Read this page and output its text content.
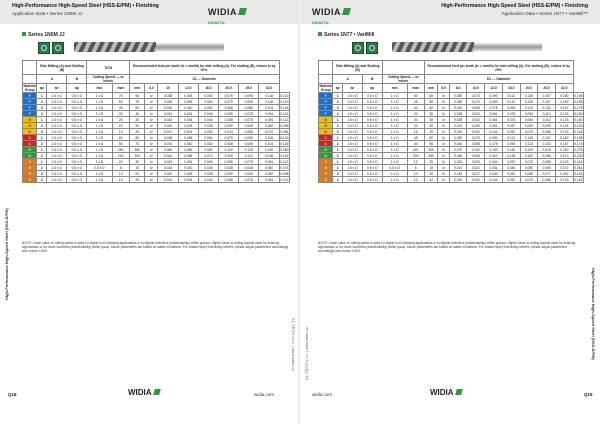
High-Performance High-Speed Steel (HSS-E/PM) • Finishing
Application Data • Series 1N0M JJ	WIDIA
HANITA
Series 1N0M JJ
	Side Milling (A) and Slotting (B)			TiCN		Recommended feed per tooth (fz = mm/th) for side milling (A). For slotting (B), reduce fz by 20%.								
	A		B	Cutting Speed — vc m/min		D1 — Diameter								
Material Group	ap	ae	ap	min	max	mm	8,0	10	12,0	16,0	20,0	25,0	32,0	
P	1	1,5 x D	0,5 x D	1 x D	75	95	fz	0,038	0,048	0,060	0,075	0,095	0,118	0,140
P	2	1,5 x D	0,5 x D	1 x D	60	75	fz	0,038	0,048	0,060	0,075	0,095	0,118	0,140
P	3	1,5 x D	0,5 x D	1 x D	45	60	fz	0,030	0,040	0,052	0,068	0,085	0,104	0,126
P	4	1,5 x D	0,5 x D	1 x D	30	45	fz	0,024	0,034	0,044	0,058	0,075	0,094	0,112
M	1	1,5 x D	0,5 x D	1 x D	25	35	fz	0,024	0,034	0,044	0,058	0,075	0,094	0,112
M	2	1,5 x D	0,5 x D	1 x D	20	30	fz	0,020	0,028	0,038	0,050	0,065	0,082	0,098
M	3	1,5 x D	0,5 x D	1 x D	15	25	fz	0,017	0,024	0,032	0,044	0,056	0,070	0,084
K	1	1,5 x D	0,5 x D	1 x D	60	80	fz	0,038	0,048	0,060	0,075	0,095	0,118	0,140
K	2	1,5 x D	0,5 x D	1 x D	50	70	fz	0,030	0,040	0,052	0,068	0,085	0,104	0,126
N	1	1,5 x D	0,5 x D	1 x D	250	350	fz	0,050	0,065	0,080	0,100	0,125	0,150	0,180
N	2	1,5 x D	0,5 x D	1 x D	200	300	fz	0,044	0,058	0,072	0,090	0,112	0,136	0,162
S	1	1,5 x D	0,5 x D	1 x D	20	30	fz	0,024	0,034	0,044	0,058	0,075	0,094	0,112
S	2	1,5 x D	0,5 x D	0,5 x D	8	15	fz	0,015	0,020	0,028	0,038	0,048	0,060	0,074
S	3	1,5 x D	0,5 x D	1 x D	10	20	fz	0,020	0,028	0,038	0,050	0,065	0,082	0,098
S	4	1,5 x D	0,5 x D	1 x D	15	25	fz	0,024	0,034	0,044	0,058	0,075	0,094	0,112
NOTE: Lower value of cutting speed is used for higher tool overhang applications or for tighter tolerance (machinability) within groups. Higher value of cutting speeds used for finishing applications or for lower hardness (machinability) within group. Above parameters are based on stable conditions. For smaller taper machining centers, please adjust parameters accordingly and reduce ±15%.
WIDIA
Q18	widia.com
High-Performance High-Speed Steel (HSS-E/PM)
KL-TECH s.r.o. | www.kltec.cz
High-Performance High-Speed Steel (HSS-E/PM) • Finishing
Application Data • Series 1N77 • VariMill™
WIDIA
HANITA
Series 1N77 • VariMill
	Side Milling (A) and Slotting (B)					Recommended feed per tooth (fz = mm/th) for side milling (A). For slotting (B), reduce fz by 20%.									
	A		B	Cutting Speed — vc m/min		D1 — Diameter									
Material Group	ap	ae	ap	min	max	mm	6,0	8,0	10,0	12,0	16,0	20,0	25,0	32,0	
P	1	1,5 x D	0,5 x D	1 x D	50	65	fz	0,050	0,070	0,090	0,112	0,135	0,157	0,180	0,198
P	2	1,5 x D	0,5 x D	1 x D	45	55	fz	0,050	0,070	0,090	0,112	0,135	0,157	0,180	0,198
P	3	1,5 x D	0,5 x D	1 x D	40	50	fz	0,040	0,055	0,075	0,094	0,113	0,133	0,157	0,176
P	4	1,5 x D	0,5 x D	1 x D	20	35	fz	0,028	0,042	0,061	0,076	0,094	0,112	0,133	0,150
M	1	1,5 x D	0,5 x D	1 x D	20	35	fz	0,028	0,042	0,061	0,076	0,094	0,112	0,133	0,150
M	2	1,5 x D	0,5 x D	1 x D	20	30	fz	0,024	0,036	0,051	0,067	0,083	0,099	0,118	0,133
M	3	1,5 x D	0,5 x D	1 x D	15	25	fz	0,020	0,030	0,044	0,057	0,072	0,086	0,103	0,116
K	1	1,5 x D	0,5 x D	1 x D	45	60	fz	0,050	0,070	0,090	0,112	0,135	0,157	0,180	0,198
K	2	1,5 x D	0,5 x D	1 x D	40	55	fz	0,040	0,055	0,075	0,094	0,113	0,133	0,157	0,176
N	1	1,5 x D	0,5 x D	1 x D	240	300	fz	0,070	0,100	0,130	0,160	0,190	0,218	0,250	0,275
N	2	1,5 x D	0,5 x D	1 x D	200	260	fz	0,060	0,085	0,110	0,136	0,162	0,186	0,213	0,234
S	1	1,5 x D	0,5 x D	1 x D	12	25	fz	0,020	0,030	0,044	0,057	0,072	0,086	0,103	0,116
S	2	1,5 x D	0,5 x D	0,5 x D	8	15	fz	0,014	0,021	0,031	0,040	0,050	0,060	0,072	0,081
S	3	1,5 x D	0,5 x D	1 x D	10	20	fz	0,018	0,027	0,040	0,051	0,065	0,077	0,092	0,104
S	4	1,5 x D	0,5 x D	1 x D	12	22	fz	0,020	0,030	0,044	0,057	0,072	0,086	0,103	0,116
NOTE: Lower value of cutting speed is used for higher tool overhang applications or for tighter tolerance (machinability) within groups. Higher value of cutting speeds used for finishing applications or for lower hardness (machinability) within group. Above parameters are based on stable conditions. For smaller taper machining centers, please adjust parameters accordingly and reduce ±15%.
WIDIA
widia.com	Q19
KL-TECH s.r.o. | www.kltec.cz	High-Performance High-Speed Steel (HSS-E/PM)
